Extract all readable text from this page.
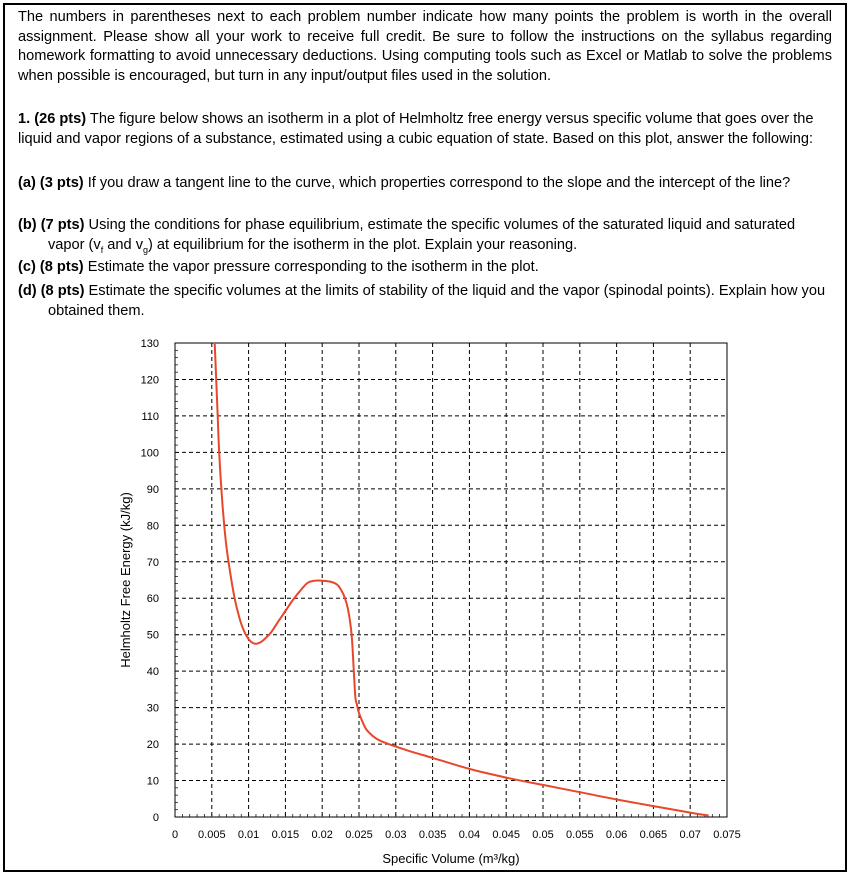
The numbers in parentheses next to each problem number indicate how many points the problem is worth in the overall assignment. Please show all your work to receive full credit. Be sure to follow the instructions on the syllabus regarding homework formatting to avoid unnecessary deductions. Using computing tools such as Excel or Matlab to solve the problems when possible is encouraged, but turn in any input/output files used in the solution.

1. (26 pts) The figure below shows an isotherm in a plot of Helmholtz free energy versus specific volume that goes over the liquid and vapor regions of a substance, estimated using a cubic equation of state. Based on this plot, answer the following:

(a) (3 pts) If you draw a tangent line to the curve, which properties correspond to the slope and the intercept of the line?

(b) (7 pts) Using the conditions for phase equilibrium, estimate the specific volumes of the saturated liquid and saturated vapor ($v_f$ and $v_g$) at equilibrium for the isotherm in the plot. Explain your reasoning.

(c) (8 pts) Estimate the vapor pressure corresponding to the isotherm in the plot.

(d) (8 pts) Estimate the specific volumes at the limits of stability of the liquid and the vapor (spinodal points). Explain how you obtained them.

0 0.005 0.01 0.015 0.02 0.025 0.03 0.035 0.04 0.045 0.05 0.055 0.06 0.065 0.07 0.075
0
10
20
30
40
50
60
70
80
90
100
110
120
130
Specific Volume (m³/kg)
Helmholtz Free Energy (kJ/kg)
